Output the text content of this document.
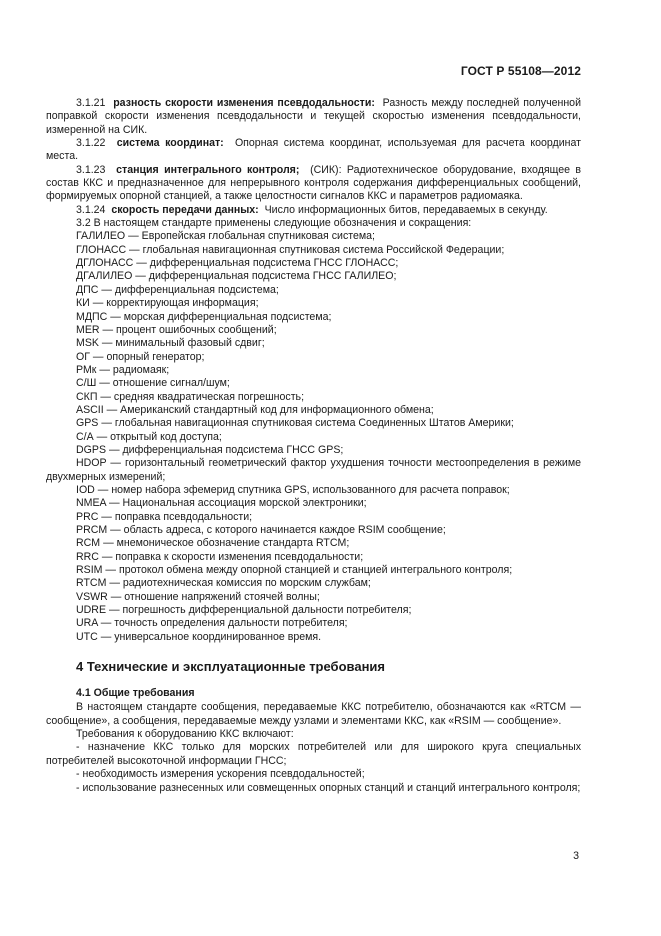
ГОСТ Р 55108—2012

3.1.21 разность скорости изменения псевдодальности: Разность между последней полученной поправкой скорости изменения псевдодальности и текущей скоростью изменения псевдодальности, измеренной на СИК.

3.1.22 система координат: Опорная система координат, используемая для расчета координат места.

3.1.23 станция интегрального контроля; (СИК): Радиотехническое оборудование, входящее в состав ККС и предназначенное для непрерывного контроля содержания дифференциальных сообщений, формируемых опорной станцией, а также целостности сигналов ККС и параметров радиомаяка.

3.1.24 скорость передачи данных: Число информационных битов, передаваемых в секунду.

3.2 В настоящем стандарте применены следующие обозначения и сокращения:

ГАЛИЛЕО — Европейская глобальная спутниковая система;

ГЛОНАСС — глобальная навигационная спутниковая система Российской Федерации;

ДГЛОНАСС — дифференциальная подсистема ГНСС ГЛОНАСС;

ДГАЛИЛЕО — дифференциальная подсистема ГНСС ГАЛИЛЕО;

ДПС — дифференциальная подсистема;

КИ — корректирующая информация;

МДПС — морская дифференциальная подсистема;

MER — процент ошибочных сообщений;

MSK — минимальный фазовый сдвиг;

ОГ — опорный генератор;

РМк — радиомаяк;

С/Ш — отношение сигнал/шум;

СКП — средняя квадратическая погрешность;

ASCII — Американский стандартный код для информационного обмена;

GPS — глобальная навигационная спутниковая система Соединенных Штатов Америки;

С/А — открытый код доступа;

DGPS — дифференциальная подсистема ГНСС GPS;

HDOP — горизонтальный геометрический фактор ухудшения точности местоопределения в режиме двухмерных измерений;

IOD — номер набора эфемерид спутника GPS, использованного для расчета поправок;

NMEA — Национальная ассоциация морской электроники;

PRC — поправка псевдодальности;

PRCM — область адреса, с которого начинается каждое RSIM сообщение;

RCM — мнемоническое обозначение стандарта RTCM;

RRC — поправка к скорости изменения псевдодальности;

RSIM — протокол обмена между опорной станцией и станцией интегрального контроля;

RTCM — радиотехническая комиссия по морским службам;

VSWR — отношение напряжений стоячей волны;

UDRE — погрешность дифференциальной дальности потребителя;

URA — точность определения дальности потребителя;

UTC — универсальное координированное время.

4 Технические и эксплуатационные требования
4.1 Общие требования

В настоящем стандарте сообщения, передаваемые ККС потребителю, обозначаются как «RTCM — сообщение», а сообщения, передаваемые между узлами и элементами ККС, как «RSIM — сообщение».

Требования к оборудованию ККС включают:

- назначение ККС только для морских потребителей или для широкого круга специальных потребителей высокоточной информации ГНСС;

- необходимость измерения ускорения псевдодальностей;

- использование разнесенных или совмещенных опорных станций и станций интегрального контроля;

3
